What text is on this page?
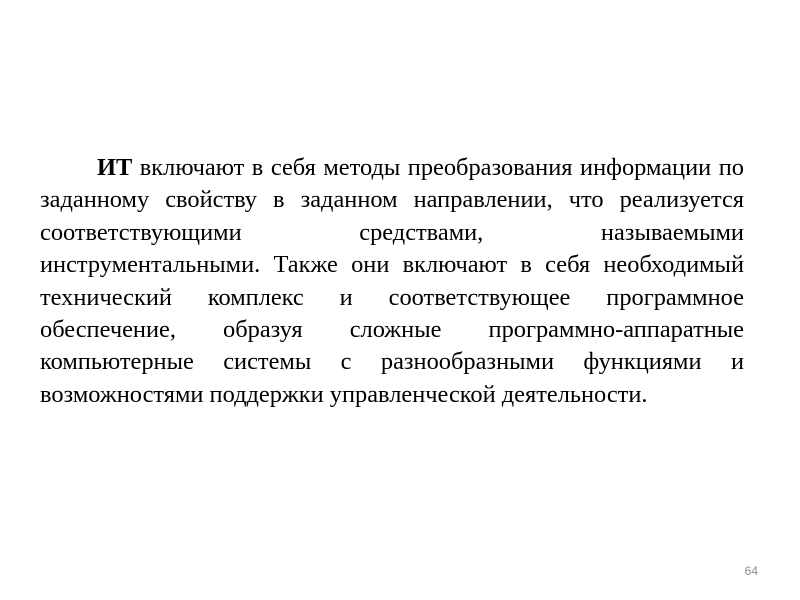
ИТ включают в себя методы преобразования информации по заданному свойству в заданном направлении, что реализуется соответствующими средствами, называемыми инструментальными. Также они включают в себя необходимый технический комплекс и соответствующее программное обеспечение, образуя сложные программно-аппаратные компьютерные системы с разнообразными функциями и возможностями поддержки управленческой деятельности.

64
